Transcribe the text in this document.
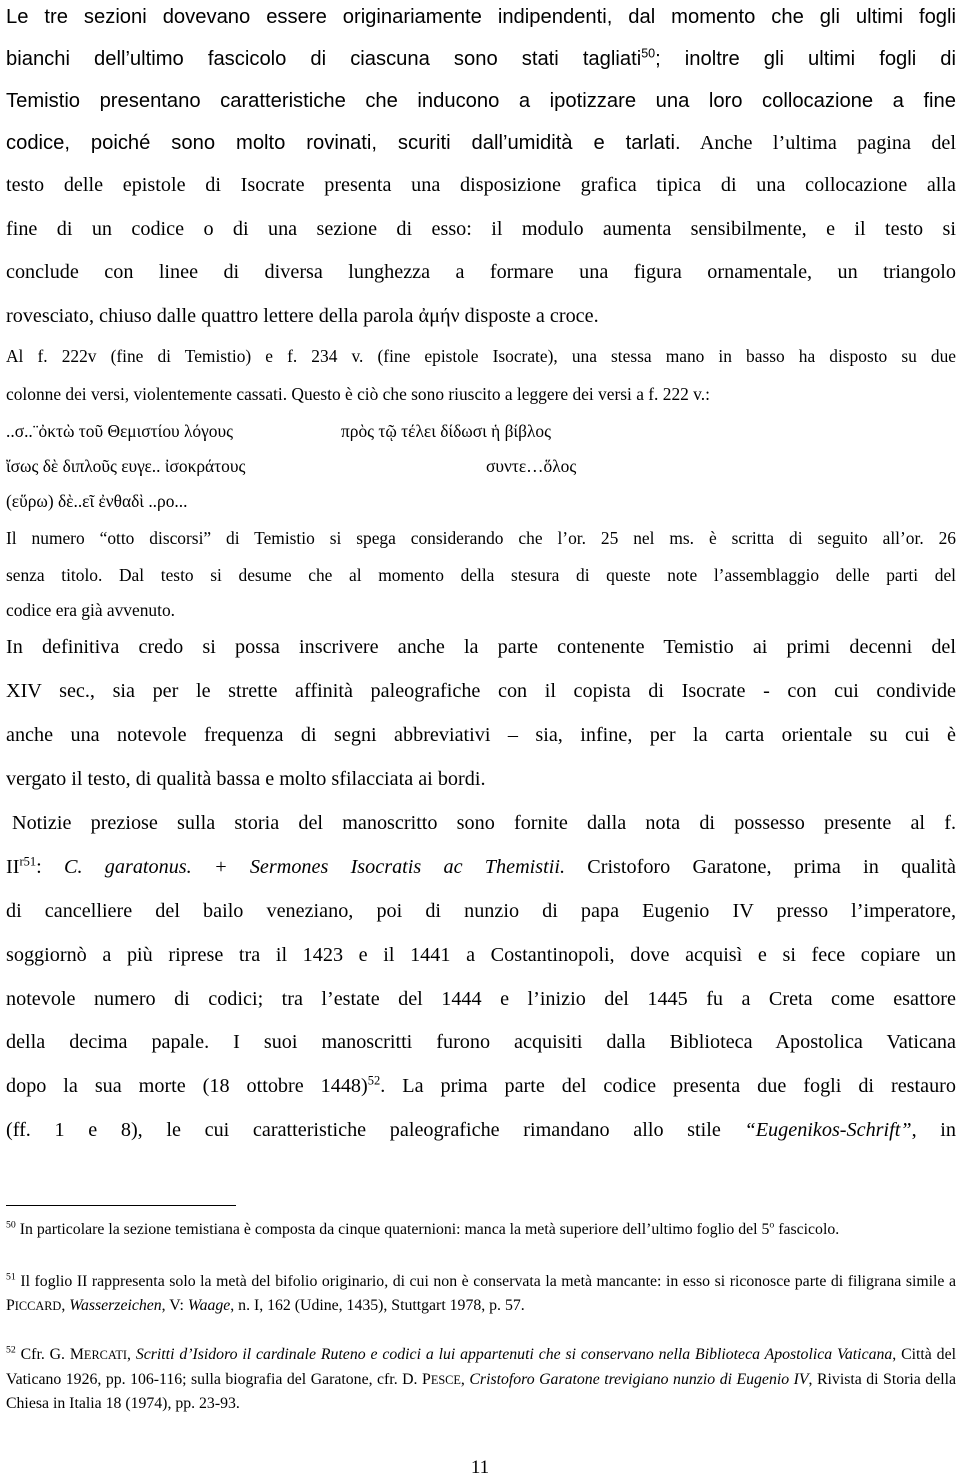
Le tre sezioni dovevano essere originariamente indipendenti, dal momento che gli ultimi fogli
bianchi dell’ultimo fascicolo di ciascuna sono stati tagliati$^{50}$; inoltre gli ultimi fogli di
Temistio presentano caratteristiche che inducono a ipotizzare una loro collocazione a fine
codice, poiché sono molto rovinati, scuriti dall’umidità e tarlati. Anche l’ultima pagina del
testo delle epistole di Isocrate presenta una disposizione grafica tipica di una collocazione alla
fine di un codice o di una sezione di esso: il modulo aumenta sensibilmente, e il testo si
conclude con linee di diversa lunghezza a formare una figura ornamentale, un triangolo
rovesciato, chiuso dalle quattro lettere della parola ἀμήν disposte a croce.
Al f. 222v (fine di Temistio) e f. 234 v. (fine epistole Isocrate), una stessa mano in basso ha disposto su due
colonne dei versi, violentemente cassati. Questo è ciò che sono riuscito a leggere dei versi a f. 222 v.:
..σ..¨ὀκτὼ τοῦ Θεμιστίου λόγους	πρὸς τῷ τέλει δίδωσι ἡ βίβλος
ἴσως δὲ διπλοῦς ευγε.. ἰσοκράτους	συντε…ὅλος
(εὕρω) δὲ..εῖ ἐνθαδὶ ..ρο...
Il numero “otto discorsi” di Temistio si spega considerando che l’or. 25 nel ms. è scritta di seguito all’or. 26
senza titolo. Dal testo si desume che al momento della stesura di queste note l’assemblaggio delle parti del
codice era già avvenuto.
In definitiva credo si possa inscrivere anche la parte contenente Temistio ai primi decenni del
XIV sec., sia per le strette affinità paleografiche con il copista di Isocrate - con cui condivide
anche una notevole frequenza di segni abbreviativi – sia, infine, per la carta orientale su cui è
vergato il testo, di qualità bassa e molto sfilacciata ai bordi.
Notizie preziose sulla storia del manoscritto sono fornite dalla nota di possesso presente al f.
$II^{r51}$: C. garatonus. + Sermones Isocratis ac Themistii. Cristoforo Garatone, prima in qualità
di cancelliere del bailo veneziano, poi di nunzio di papa Eugenio IV presso l’imperatore,
soggiornò a più riprese tra il 1423 e il 1441 a Costantinopoli, dove acquisì e si fece copiare un
notevole numero di codici; tra l’estate del 1444 e l’inizio del 1445 fu a Creta come esattore
della decima papale. I suoi manoscritti furono acquisiti dalla Biblioteca Apostolica Vaticana
dopo la sua morte (18 ottobre 1448)$^{52}$. La prima parte del codice presenta due fogli di restauro
(ff. 1 e 8), le cui caratteristiche paleografiche rimandano allo stile “Eugenikos-Schrift”, in
$^{50}$ In particolare la sezione temistiana è composta da cinque quaternioni: manca la metà superiore dell’ultimo foglio del 5$^o$ fascicolo.
$^{51}$ Il foglio II rappresenta solo la metà del bifolio originario, di cui non è conservata la metà mancante: in esso si riconosce parte di filigrana simile a PICCARD, Wasserzeichen, V: Waage, n. I, 162 (Udine, 1435), Stuttgart 1978, p. 57.
$^{52}$ Cfr. G. MERCATI, Scritti d’Isidoro il cardinale Ruteno e codici a lui appartenuti che si conservano nella Biblioteca Apostolica Vaticana, Città del Vaticano 1926, pp. 106-116; sulla biografia del Garatone, cfr. D. PESCE, Cristoforo Garatone trevigiano nunzio di Eugenio IV, Rivista di Storia della Chiesa in Italia 18 (1974), pp. 23-93.
11
